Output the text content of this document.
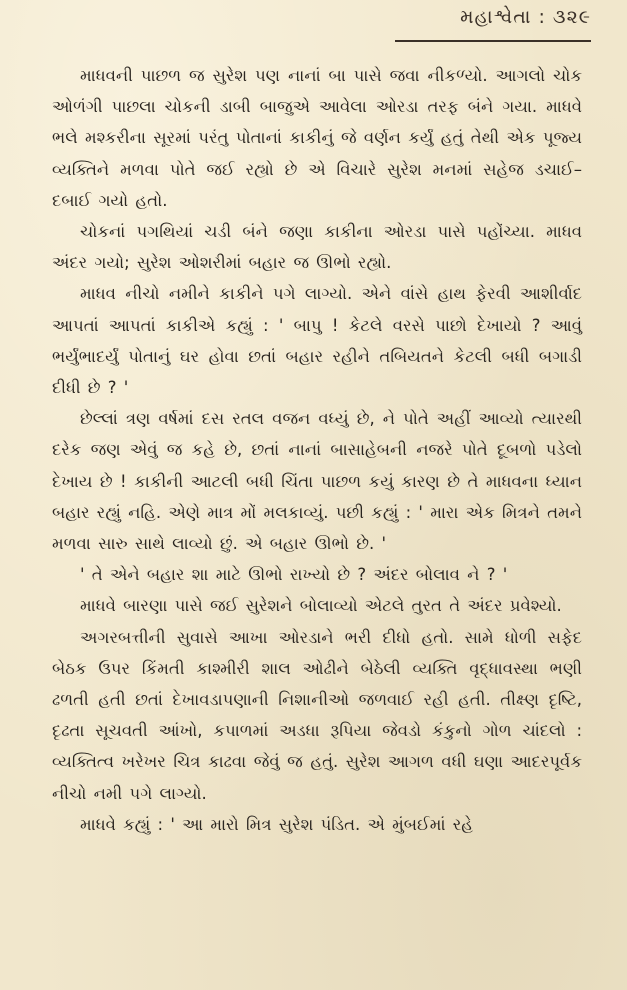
મહાશ્વેતા : ૩૨૯

માધવની પાછળ જ સુરેશ પણ નાનાં બા પાસે જવા નીકળ્યો. આગલો ચોક ઓળંગી પાછલા ચોકની ડાબી બાજુએ આવેલા ઓરડા તરફ બંને ગયા. માધવે ભલે મશ્કરીના સૂરમાં પરંતુ પોતાનાં કાકીનું જે વર્ણન કર્યું હતું તેથી એક પૂજ્ય વ્યક્તિને મળવા પોતે જઈ રહ્યો છે એ વિચારે સુરેશ મનમાં સહેજ ડચાઈ– દબાઈ ગયો હતો.

ચોકનાં પગથિયાં ચડી બંને જણા કાકીના ઓરડા પાસે પહોંચ્યા. માધવ અંદર ગયો; સુરેશ ઓશરીમાં બહાર જ ઊભો રહ્યો.

માધવ નીચો નમીને કાકીને પગે લાગ્યો. એને વાંસે હાથ ફેરવી આશીર્વાદ આપતાં આપતાં કાકીએ કહ્યું : ' બાપુ ! કેટલે વરસે પાછો દેખાયો ? આવું ભર્યુંભાદર્યું પોતાનું ઘર હોવા છતાં બહાર રહીને તબિયતને કેટલી બધી બગાડી દીધી છે ? '

છેલ્લાં ત્રણ વર્ષમાં દસ રતલ વજન વધ્યું છે, ને પોતે અહીં આવ્યો ત્યારથી દરેક જણ એવું જ કહે છે, છતાં નાનાં બાસાહેબની નજરે પોતે દૂબળો પડેલો દેખાય છે ! કાકીની આટલી બધી ચિંતા પાછળ કયું કારણ છે તે માધવના ધ્યાન બહાર રહ્યું નહિ. એણે માત્ર મોં મલકાવ્યું. પછી કહ્યું : ' મારા એક મિત્રને તમને મળવા સારુ સાથે લાવ્યો છું. એ બહાર ઊભો છે. '

' તે એને બહાર શા માટે ઊભો રાખ્યો છે ? અંદર બોલાવ ને ? '

માધવે બારણા પાસે જઈ સુરેશને બોલાવ્યો એટલે તુરત તે અંદર પ્રવેશ્યો.

અગરબત્તીની સુવાસે આખા ઓરડાને ભરી દીધો હતો. સામે ધોળી સફેદ બેઠક ઉપર કિંમતી કાશ્મીરી શાલ ઓઢીને બેઠેલી વ્યક્તિ વૃદ્ધાવસ્થા ભણી ઢળતી હતી છતાં દેખાવડાપણાની નિશાનીઓ જળવાઈ રહી હતી. તીક્ષ્ણ દૃષ્ટિ, દૃઢતા સૂચવતી આંખો, કપાળમાં અડધા રૂપિયા જેવડો કંકુનો ગોળ ચાંદલો : વ્યક્તિત્વ ખરેખર ચિત્ર કાઢવા જેવું જ હતું. સુરેશ આગળ વધી ઘણા આદરપૂર્વક નીચો નમી પગે લાગ્યો.

માધવે કહ્યું : ' આ મારો મિત્ર સુરેશ પંડિત. એ મુંબઈમાં રહે
